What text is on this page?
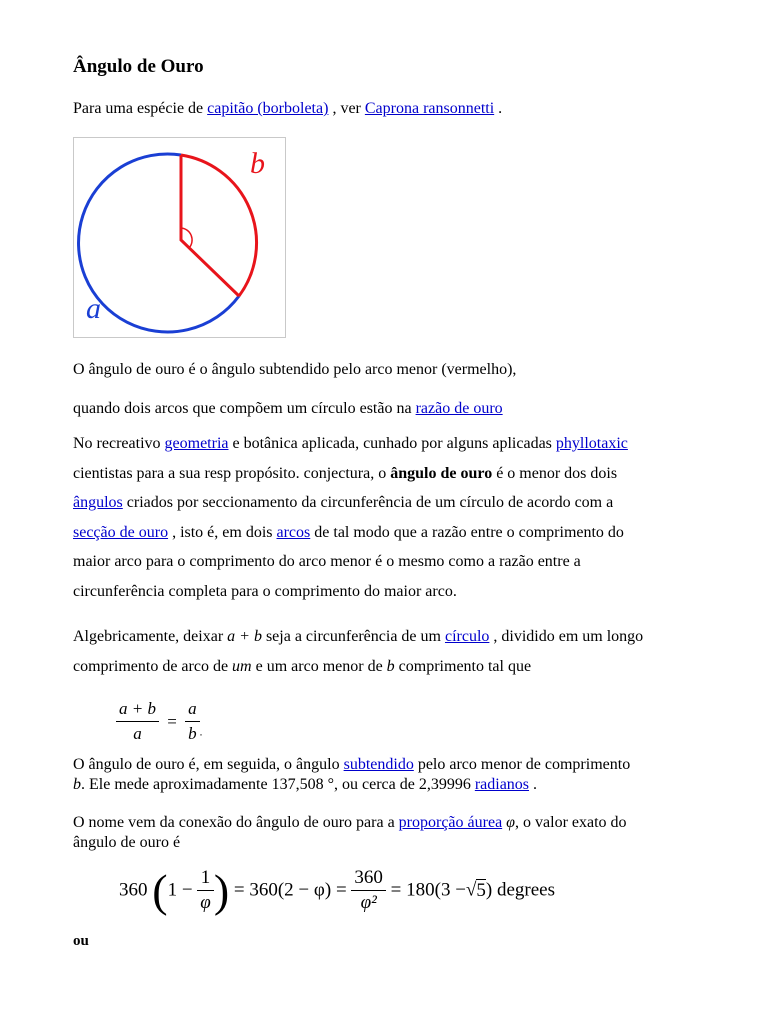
Ângulo de Ouro

Para uma espécie de capitão (borboleta) , ver Caprona ransonnetti .

b
a

O ângulo de ouro é o ângulo subtendido pelo arco menor (vermelho),

quando dois arcos que compõem um círculo estão na razão de ouro

No recreativo geometria e botânica aplicada, cunhado por alguns aplicadas phyllotaxic
cientistas para a sua resp propósito. conjectura, o ângulo de ouro é o menor dos dois
ângulos criados por seccionamento da circunferência de um círculo de acordo com a
secção de ouro , isto é, em dois arcos de tal modo que a razão entre o comprimento do
maior arco para o comprimento do arco menor é o mesmo como a razão entre a
circunferência completa para o comprimento do maior arco.
Algebricamente, deixar a + b seja a circunferência de um círculo , dividido em um longo
comprimento de arco de um e um arco menor de b comprimento tal que
$\frac{a + b}{a} = \frac{a}{b} _.$
O ângulo de ouro é, em seguida, o ângulo subtendido pelo arco menor de comprimento
b. Ele mede aproximadamente 137,508 °, ou cerca de 2,39996 radianos .
O nome vem da conexão do ângulo de ouro para a proporção áurea φ, o valor exato do
ângulo de ouro é
360 ($1 - \frac{1}{\varphi}$ ) = $360(2 - \varphi) = \frac{360}{\text{φ²}} = 180(3 -√5)$ degrees

ou
